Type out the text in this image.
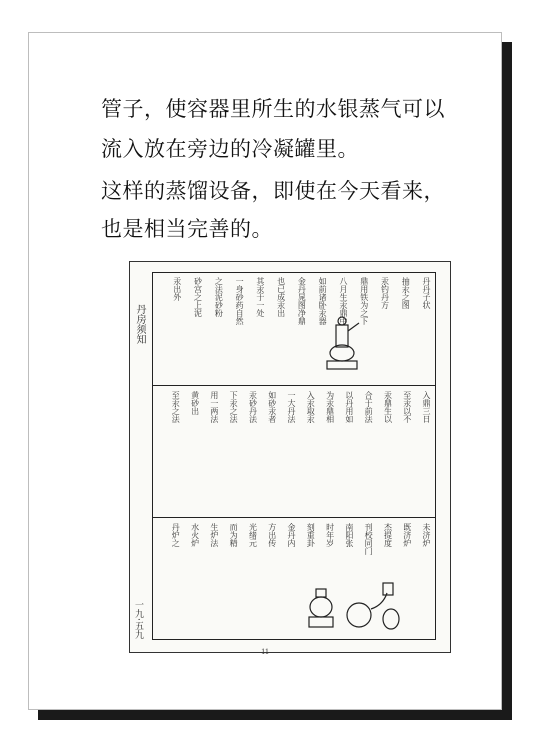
管子，使容器里所生的水银蒸气可以
流入放在旁边的冷凝罐里。
这样的蒸馏设备，即使在今天看来，
也是相当完善的。
丹房须知
一九·五九
丹丹子状
抽汞之图
汞钓丹方
鼎用铁为之下
八月生汞鼎中
如前诸卧汞器
金丹晁图净鼎
也已成汞出
其汞于一处
一身砂药自然
之法泥砂粉
砂宫之上泥
汞出外
入鼎三日
至汞以不
汞鼎生以
合于前法
以丹用如
为汞鼎相
入汞取汞
一大丹法
如砂汞者
汞砂丹法
下汞之法
用一两法
黄砂出
至汞之法
未济炉
既济炉
杰提度
刊校同门
南阳张
时年岁
刻重卦
金丹内
方出传
光绪元
而为精
生炉法
水火炉
丹炉之
11
